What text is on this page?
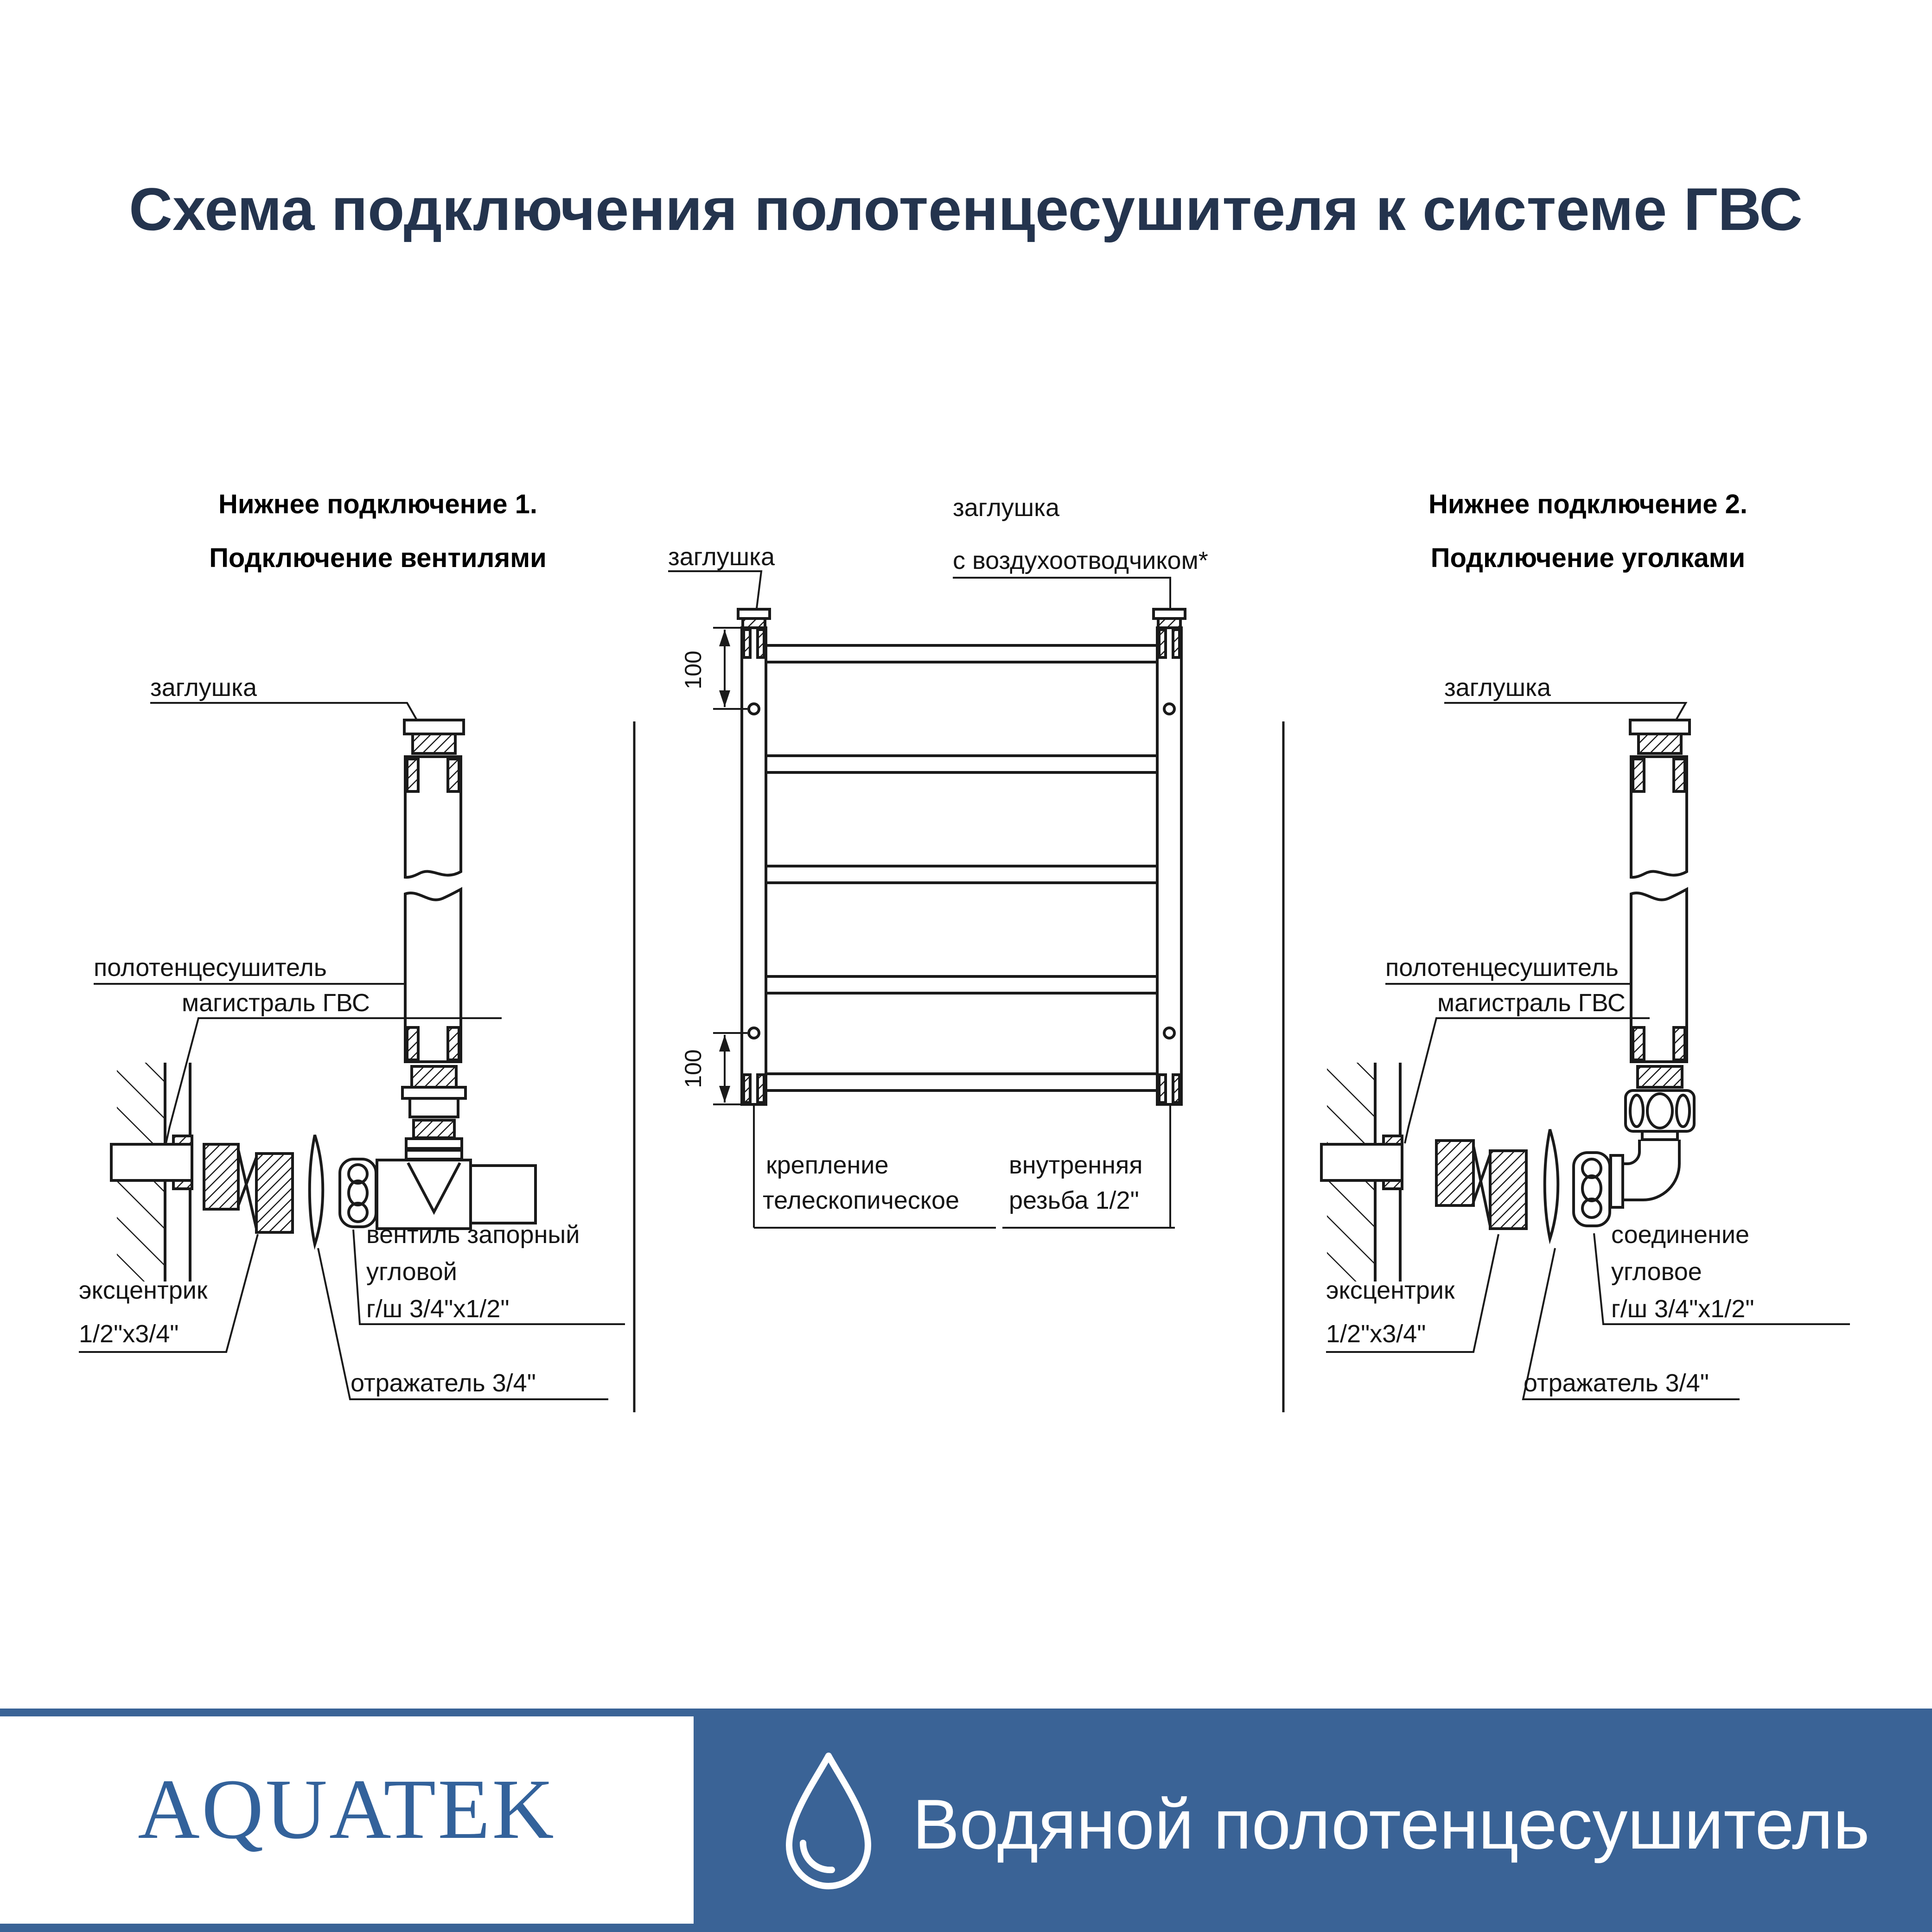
Схема подключения полотенцесушителя к системе ГВС
Нижнее подключение 1.
Подключение вентилями
заглушка
полотенцесушитель
магистраль ГВС
эксцентрик
1/2"x3/4"
вентиль запорный
угловой
г/ш 3/4"x1/2"
отражатель 3/4"
заглушка
заглушка
с воздухоотводчиком*
100
100
крепление
телескопическое
внутренняя
резьба 1/2"
Нижнее подключение 2.
Подключение уголками
заглушка
полотенцесушитель
магистраль ГВС
эксцентрик
1/2"x3/4"
соединение
угловое
г/ш 3/4"x1/2"
отражатель 3/4"
AQUATEK	Водяной полотенцесушитель
